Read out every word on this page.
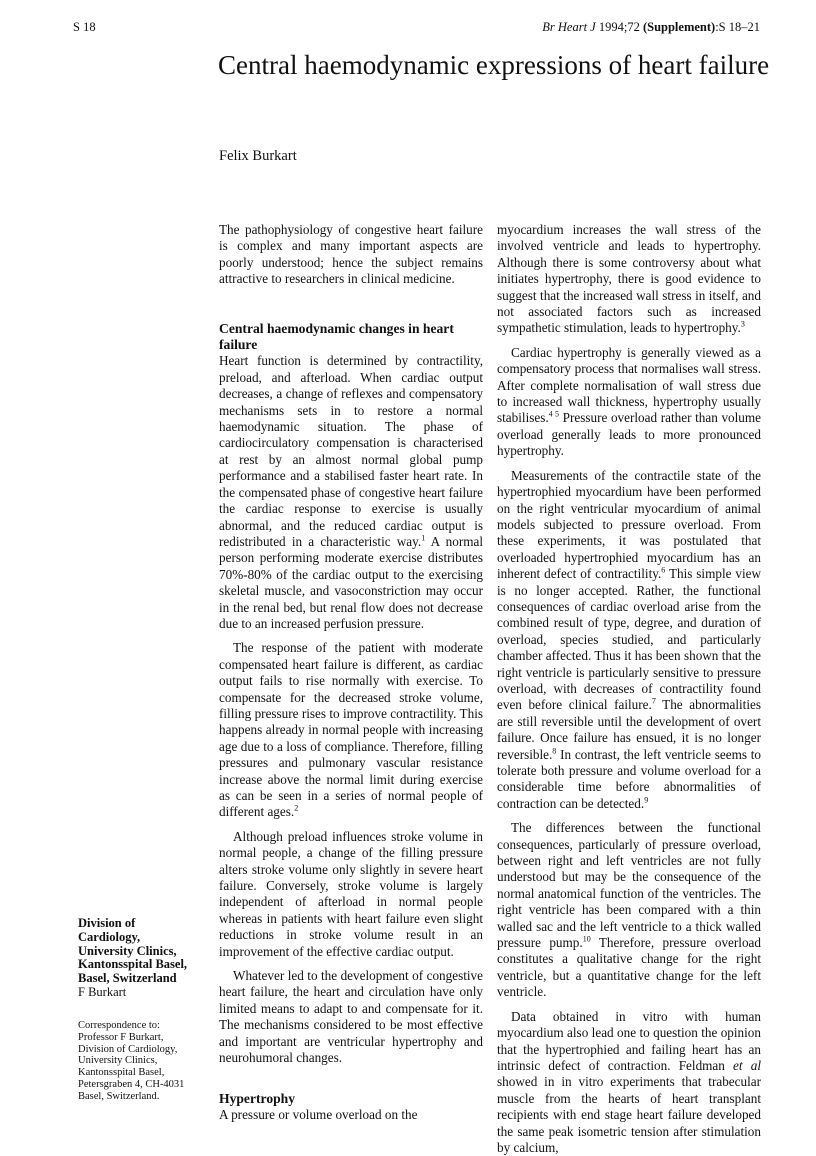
S 18	Br Heart J 1994;72 (Supplement):S 18–21
Central haemodynamic expressions of heart failure
Felix Burkart

The pathophysiology of congestive heart failure is complex and many important aspects are poorly understood; hence the subject remains attractive to researchers in clinical medicine.

Central haemodynamic changes in heart failure

Heart function is determined by contractility, preload, and afterload. When cardiac output decreases, a change of reflexes and compensatory mechanisms sets in to restore a normal haemodynamic situation. The phase of cardiocirculatory compensation is characterised at rest by an almost normal global pump performance and a stabilised faster heart rate. In the compensated phase of congestive heart failure the cardiac response to exercise is usually abnormal, and the reduced cardiac output is redistributed in a characteristic way.$^1$ A normal person performing moderate exercise distributes 70%-80% of the cardiac output to the exercising skeletal muscle, and vasoconstriction may occur in the renal bed, but renal flow does not decrease due to an increased perfusion pressure.

The response of the patient with moderate compensated heart failure is different, as cardiac output fails to rise normally with exercise. To compensate for the decreased stroke volume, filling pressure rises to improve contractility. This happens already in normal people with increasing age due to a loss of compliance. Therefore, filling pressures and pulmonary vascular resistance increase above the normal limit during exercise as can be seen in a series of normal people of different ages.$^2$

Although preload influences stroke volume in normal people, a change of the filling pressure alters stroke volume only slightly in severe heart failure. Conversely, stroke volume is largely independent of afterload in normal people whereas in patients with heart failure even slight reductions in stroke volume result in an improvement of the effective cardiac output.

Whatever led to the development of congestive heart failure, the heart and circulation have only limited means to adapt to and compensate for it. The mechanisms considered to be most effective and important are ventricular hypertrophy and neurohumoral changes.

Hypertrophy

A pressure or volume overload on the

myocardium increases the wall stress of the involved ventricle and leads to hypertrophy. Although there is some controversy about what initiates hypertrophy, there is good evidence to suggest that the increased wall stress in itself, and not associated factors such as increased sympathetic stimulation, leads to hypertrophy.$^3$

Cardiac hypertrophy is generally viewed as a compensatory process that normalises wall stress. After complete normalisation of wall stress due to increased wall thickness, hypertrophy usually stabilises.$^{4 5}$ Pressure overload rather than volume overload generally leads to more pronounced hypertrophy.

Measurements of the contractile state of the hypertrophied myocardium have been performed on the right ventricular myocardium of animal models subjected to pressure overload. From these experiments, it was postulated that overloaded hypertrophied myocardium has an inherent defect of contractility.$^6$ This simple view is no longer accepted. Rather, the functional consequences of cardiac overload arise from the combined result of type, degree, and duration of overload, species studied, and particularly chamber affected. Thus it has been shown that the right ventricle is particularly sensitive to pressure overload, with decreases of contractility found even before clinical failure.$^7$ The abnormalities are still reversible until the development of overt failure. Once failure has ensued, it is no longer reversible.$^8$ In contrast, the left ventricle seems to tolerate both pressure and volume overload for a considerable time before abnormalities of contraction can be detected.$^9$

The differences between the functional consequences, particularly of pressure overload, between right and left ventricles are not fully understood but may be the consequence of the normal anatomical function of the ventricles. The right ventricle has been compared with a thin walled sac and the left ventricle to a thick walled pressure pump.$^{10}$ Therefore, pressure overload constitutes a qualitative change for the right ventricle, but a quantitative change for the left ventricle.

Data obtained in vitro with human myocardium also lead one to question the opinion that the hypertrophied and failing heart has an intrinsic defect of contraction. Feldman et al showed in in vitro experiments that trabecular muscle from the hearts of heart transplant recipients with end stage heart failure developed the same peak isometric tension after stimulation by calcium,

Division of
Cardiology,
University Clinics,
Kantonsspital Basel,
Basel, Switzerland
F Burkart
Correspondence to:
Professor F Burkart,
Division of Cardiology,
University Clinics,
Kantonsspital Basel,
Petersgraben 4, CH-4031
Basel, Switzerland.
